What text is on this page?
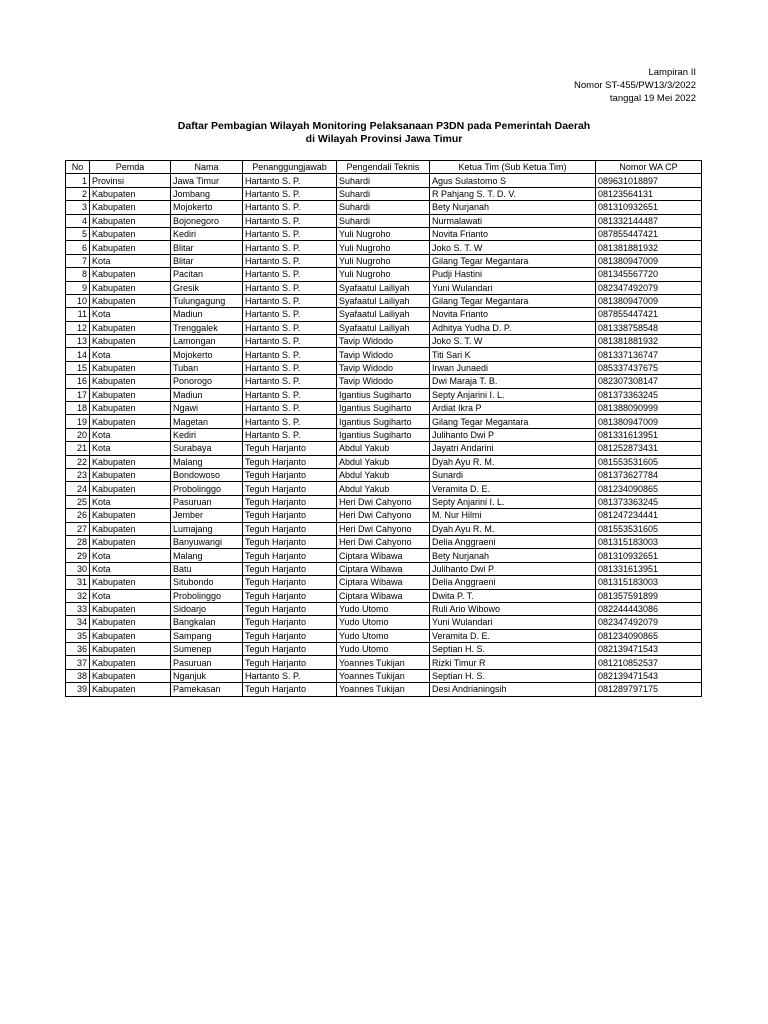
Lampiran II
Nomor ST-455/PW13/3/2022
tanggal 19 Mei 2022
Daftar Pembagian Wilayah Monitoring Pelaksanaan P3DN pada Pemerintah Daerah
di Wilayah Provinsi Jawa Timur
No	Pemda	Nama	Penanggungjawab	Pengendali Teknis	Ketua Tim (Sub Ketua Tim)	Nomor WA CP
1	Provinsi	Jawa Timur	Hartanto S. P.	Suhardi	Agus Sulastomo S	089631018897
2	Kabupaten	Jombang	Hartanto S. P.	Suhardi	R Pahjang S. T. D. V.	08123564131
3	Kabupaten	Mojokerto	Hartanto S. P.	Suhardi	Bety Nurjanah	081310932651
4	Kabupaten	Bojonegoro	Hartanto S. P.	Suhardi	Nurmalawati	081332144487
5	Kabupaten	Kediri	Hartanto S. P.	Yuli Nugroho	Novita Frianto	087855447421
6	Kabupaten	Blitar	Hartanto S. P.	Yuli Nugroho	Joko S. T. W	081381881932
7	Kota	Blitar	Hartanto S. P.	Yuli Nugroho	Gilang Tegar Megantara	081380947009
8	Kabupaten	Pacitan	Hartanto S. P.	Yuli Nugroho	Pudji Hastini	081345567720
9	Kabupaten	Gresik	Hartanto S. P.	Syafaatul Lailiyah	Yuni Wulandari	082347492079
10	Kabupaten	Tulungagung	Hartanto S. P.	Syafaatul Lailiyah	Gilang Tegar Megantara	081380947009
11	Kota	Madiun	Hartanto S. P.	Syafaatul Lailiyah	Novita Frianto	087855447421
12	Kabupaten	Trenggalek	Hartanto S. P.	Syafaatul Lailiyah	Adhitya Yudha D. P.	081338758548
13	Kabupaten	Lamongan	Hartanto S. P.	Tavip Widodo	Joko S. T. W	081381881932
14	Kota	Mojokerto	Hartanto S. P.	Tavip Widodo	Titi Sari K	081337136747
15	Kabupaten	Tuban	Hartanto S. P.	Tavip Widodo	Irwan Junaedi	085337437675
16	Kabupaten	Ponorogo	Hartanto S. P.	Tavip Widodo	Dwi Maraja T. B.	082307308147
17	Kabupaten	Madiun	Hartanto S. P.	Igantius Sugiharto	Septy Anjarini I. L.	081373363245
18	Kabupaten	Ngawi	Hartanto S. P.	Igantius Sugiharto	Ardiat Ikra P	081388090999
19	Kabupaten	Magetan	Hartanto S. P.	Igantius Sugiharto	Gilang Tegar Megantara	081380947009
20	Kota	Kediri	Hartanto S. P.	Igantius Sugiharto	Julihanto Dwi P	081331613951
21	Kota	Surabaya	Teguh Harjanto	Abdul Yakub	Jayatri Andarini	081252873431
22	Kabupaten	Malang	Teguh Harjanto	Abdul Yakub	Dyah Ayu R. M.	081553531605
23	Kabupaten	Bondowoso	Teguh Harjanto	Abdul Yakub	Sunardi	081373627784
24	Kabupaten	Probolinggo	Teguh Harjanto	Abdul Yakub	Veramita D. E.	081234090865
25	Kota	Pasuruan	Teguh Harjanto	Heri Dwi Cahyono	Septy Anjarini I. L.	081373363245
26	Kabupaten	Jember	Teguh Harjanto	Heri Dwi Cahyono	M. Nur Hilmi	081247234441
27	Kabupaten	Lumajang	Teguh Harjanto	Heri Dwi Cahyono	Dyah Ayu R. M.	081553531605
28	Kabupaten	Banyuwangi	Teguh Harjanto	Heri Dwi Cahyono	Delia Anggraeni	081315183003
29	Kota	Malang	Teguh Harjanto	Ciptara Wibawa	Bety Nurjanah	081310932651
30	Kota	Batu	Teguh Harjanto	Ciptara Wibawa	Julihanto Dwi P	081331613951
31	Kabupaten	Situbondo	Teguh Harjanto	Ciptara Wibawa	Delia Anggraeni	081315183003
32	Kota	Probolinggo	Teguh Harjanto	Ciptara Wibawa	Dwita P. T.	081357591899
33	Kabupaten	Sidoarjo	Teguh Harjanto	Yudo Utomo	Ruli Ario Wibowo	082244443086
34	Kabupaten	Bangkalan	Teguh Harjanto	Yudo Utomo	Yuni Wulandari	082347492079
35	Kabupaten	Sampang	Teguh Harjanto	Yudo Utomo	Veramita D. E.	081234090865
36	Kabupaten	Sumenep	Teguh Harjanto	Yudo Utomo	Septian H. S.	082139471543
37	Kabupaten	Pasuruan	Teguh Harjanto	Yoannes Tukijan	Rizki Timur R	081210852537
38	Kabupaten	Nganjuk	Hartanto S. P.	Yoannes Tukijan	Septian H. S.	082139471543
39	Kabupaten	Pamekasan	Teguh Harjanto	Yoannes Tukijan	Desi Andrianingsih	081289797175
